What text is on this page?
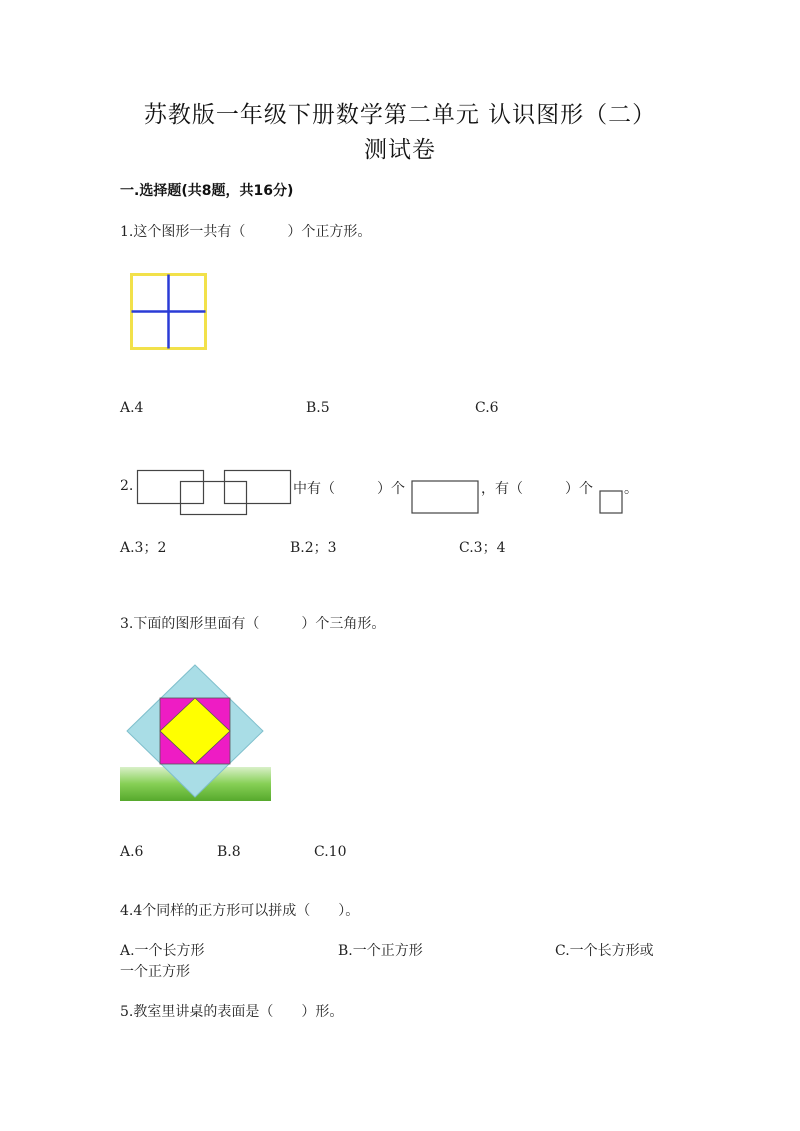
苏教版一年级下册数学第二单元 认识图形（二）
测试卷
一.选择题(共8题，共16分)
1.这个图形一共有（　　　）个正方形。
A.4	B.5	C.6
2.	中有（　　　）个	，有（　　　）个 。
A.3；2	B.2；3	C.3；4
3.下面的图形里面有（　　　）个三角形。
A.6	B.8	C.10
4.4个同样的正方形可以拼成（　　）。
A.一个长方形	B.一个正方形	C.一个长方形或
一个正方形
5.教室里讲桌的表面是（　　）形。
